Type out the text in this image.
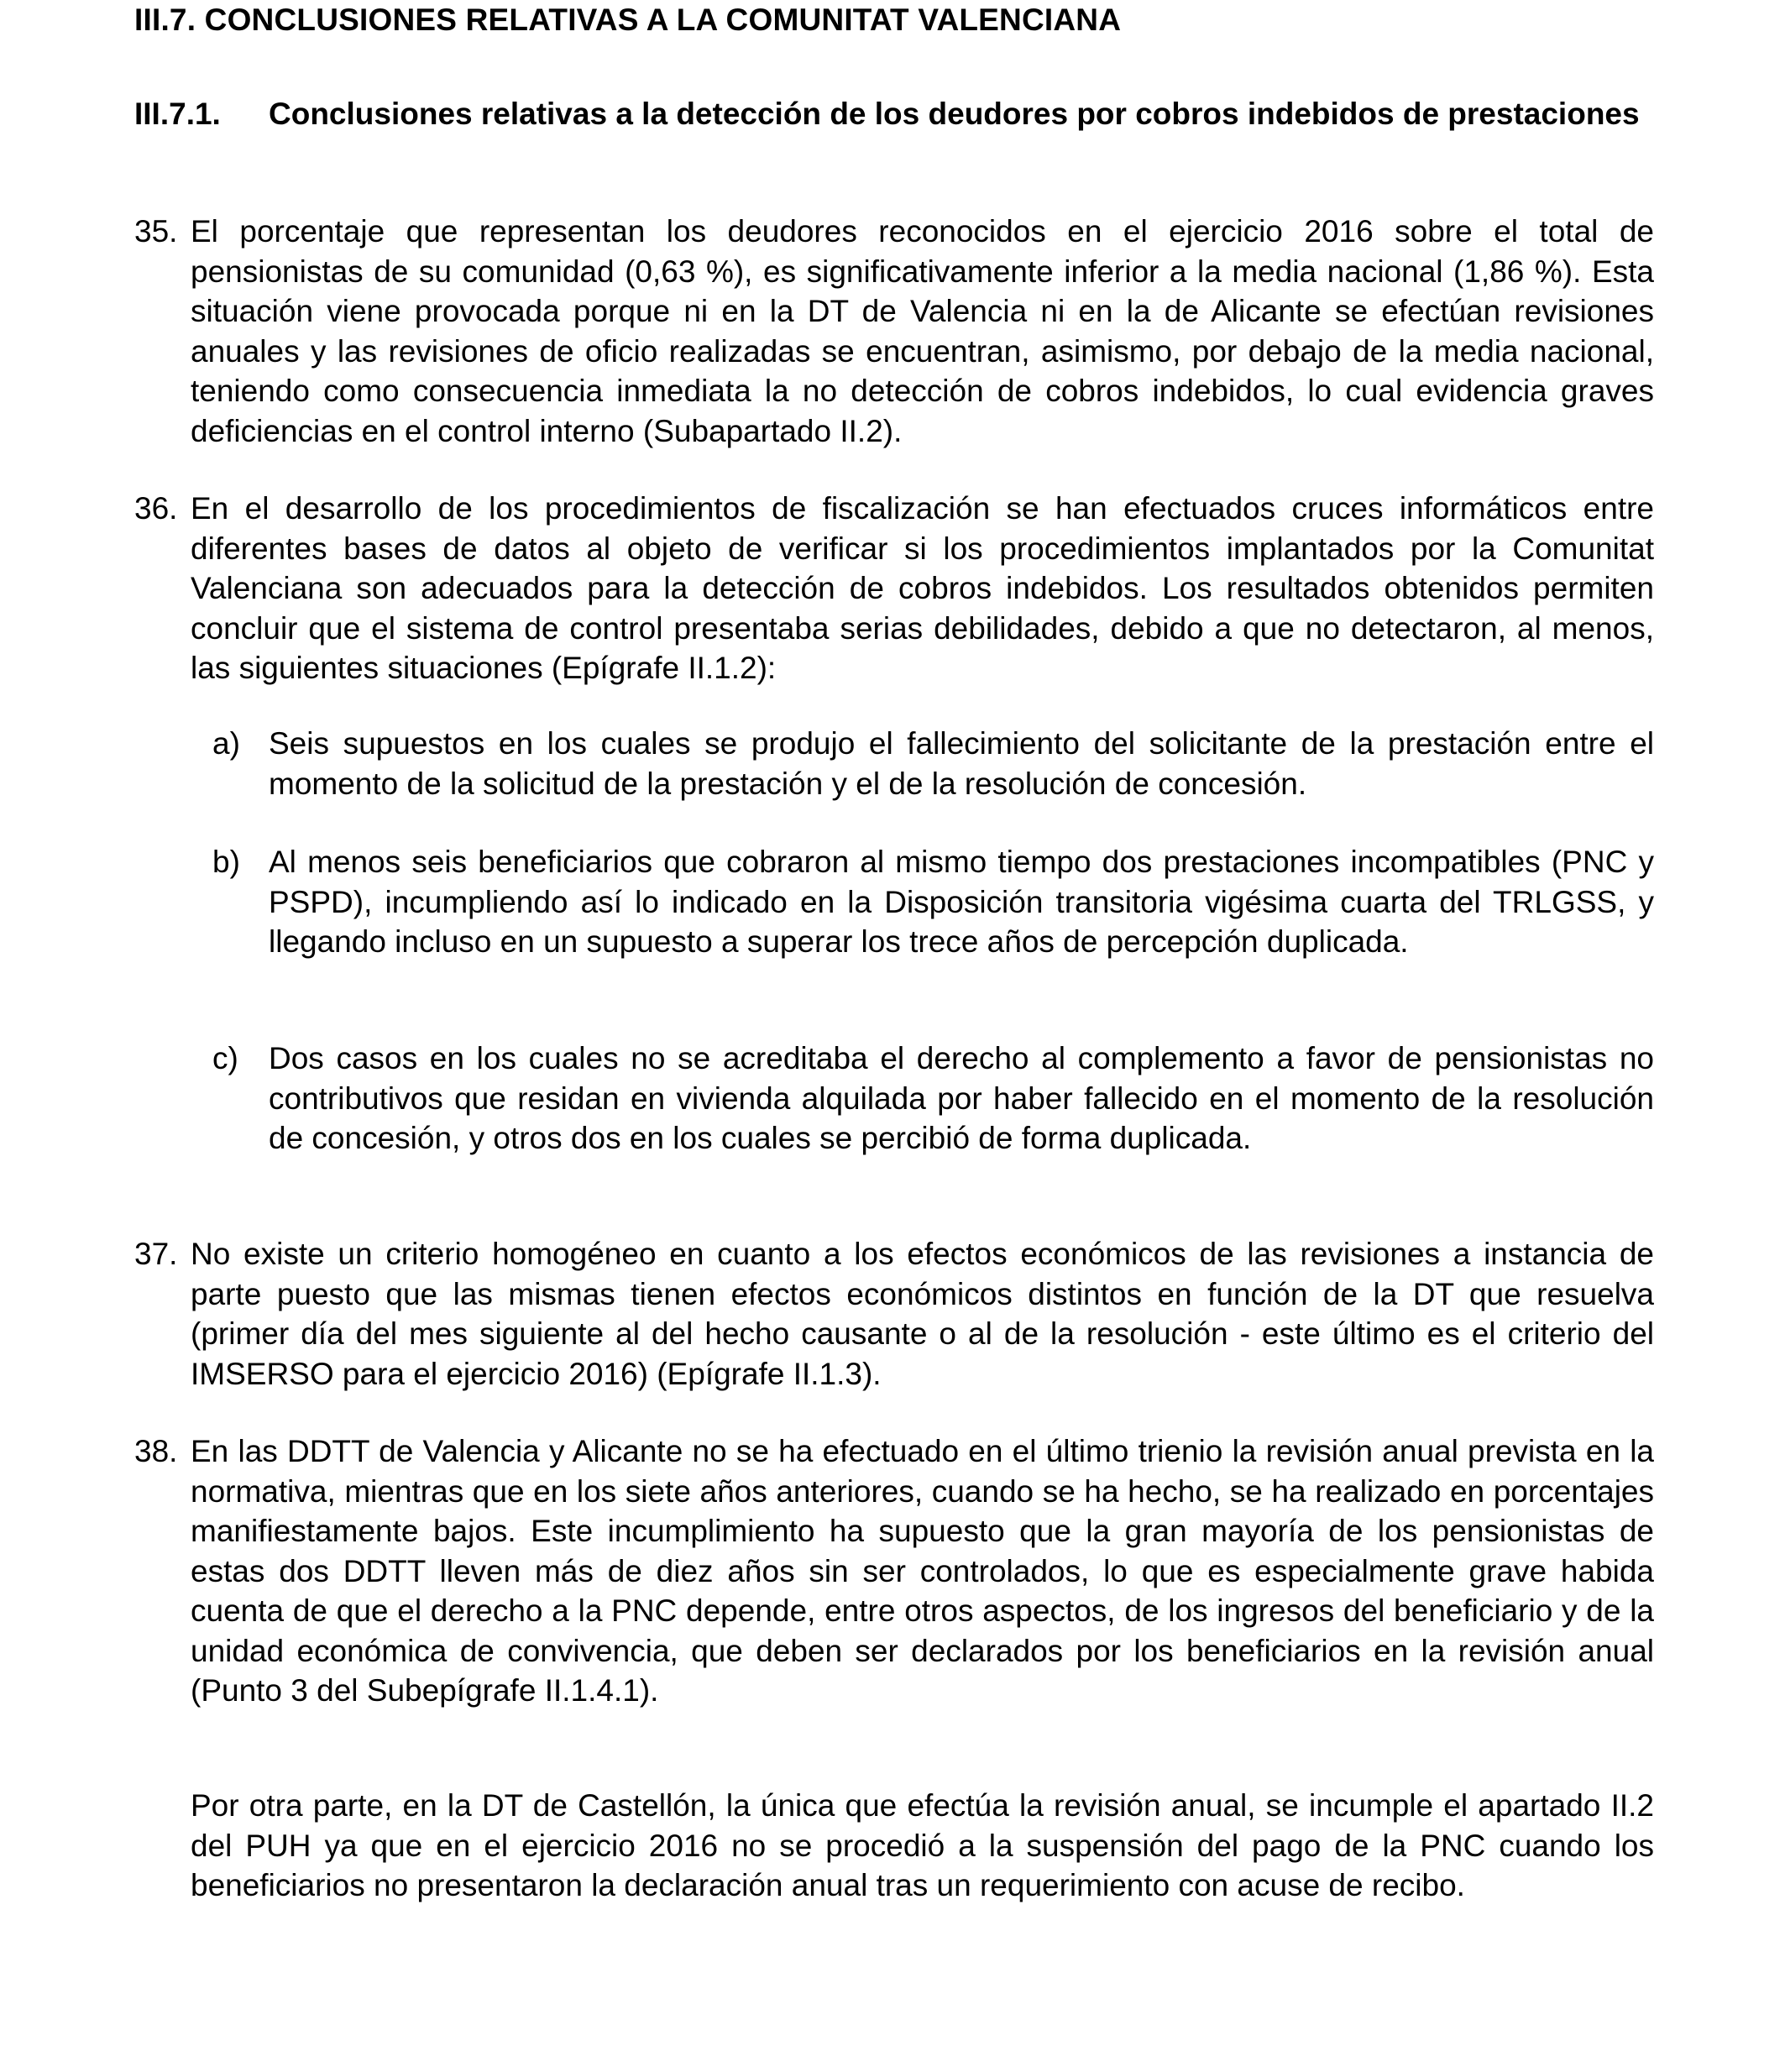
III.7. CONCLUSIONES RELATIVAS A LA COMUNITAT VALENCIANA
III.7.1. Conclusiones relativas a la detección de los deudores por cobros indebidos de prestaciones
35. El porcentaje que representan los deudores reconocidos en el ejercicio 2016 sobre el total de pensionistas de su comunidad (0,63 %), es significativamente inferior a la media nacional (1,86 %). Esta situación viene provocada porque ni en la DT de Valencia ni en la de Alicante se efectúan revisiones anuales y las revisiones de oficio realizadas se encuentran, asimismo, por debajo de la media nacional, teniendo como consecuencia inmediata la no detección de cobros indebidos, lo cual evidencia graves deficiencias en el control interno (Subapartado II.2).
36. En el desarrollo de los procedimientos de fiscalización se han efectuados cruces informáticos entre diferentes bases de datos al objeto de verificar si los procedimientos implantados por la Comunitat Valenciana son adecuados para la detección de cobros indebidos. Los resultados obtenidos permiten concluir que el sistema de control presentaba serias debilidades, debido a que no detectaron, al menos, las siguientes situaciones (Epígrafe II.1.2):
a) Seis supuestos en los cuales se produjo el fallecimiento del solicitante de la prestación entre el momento de la solicitud de la prestación y el de la resolución de concesión.
b) Al menos seis beneficiarios que cobraron al mismo tiempo dos prestaciones incompatibles (PNC y PSPD), incumpliendo así lo indicado en la Disposición transitoria vigésima cuarta del TRLGSS, y llegando incluso en un supuesto a superar los trece años de percepción duplicada.
c) Dos casos en los cuales no se acreditaba el derecho al complemento a favor de pensionistas no contributivos que residan en vivienda alquilada por haber fallecido en el momento de la resolución de concesión, y otros dos en los cuales se percibió de forma duplicada.
37. No existe un criterio homogéneo en cuanto a los efectos económicos de las revisiones a instancia de parte puesto que las mismas tienen efectos económicos distintos en función de la DT que resuelva (primer día del mes siguiente al del hecho causante o al de la resolución - este último es el criterio del IMSERSO para el ejercicio 2016) (Epígrafe II.1.3).
38. En las DDTT de Valencia y Alicante no se ha efectuado en el último trienio la revisión anual prevista en la normativa, mientras que en los siete años anteriores, cuando se ha hecho, se ha realizado en porcentajes manifiestamente bajos. Este incumplimiento ha supuesto que la gran mayoría de los pensionistas de estas dos DDTT lleven más de diez años sin ser controlados, lo que es especialmente grave habida cuenta de que el derecho a la PNC depende, entre otros aspectos, de los ingresos del beneficiario y de la unidad económica de convivencia, que deben ser declarados por los beneficiarios en la revisión anual (Punto 3 del Subepígrafe II.1.4.1).
Por otra parte, en la DT de Castellón, la única que efectúa la revisión anual, se incumple el apartado II.2 del PUH ya que en el ejercicio 2016 no se procedió a la suspensión del pago de la PNC cuando los beneficiarios no presentaron la declaración anual tras un requerimiento con acuse de recibo.
